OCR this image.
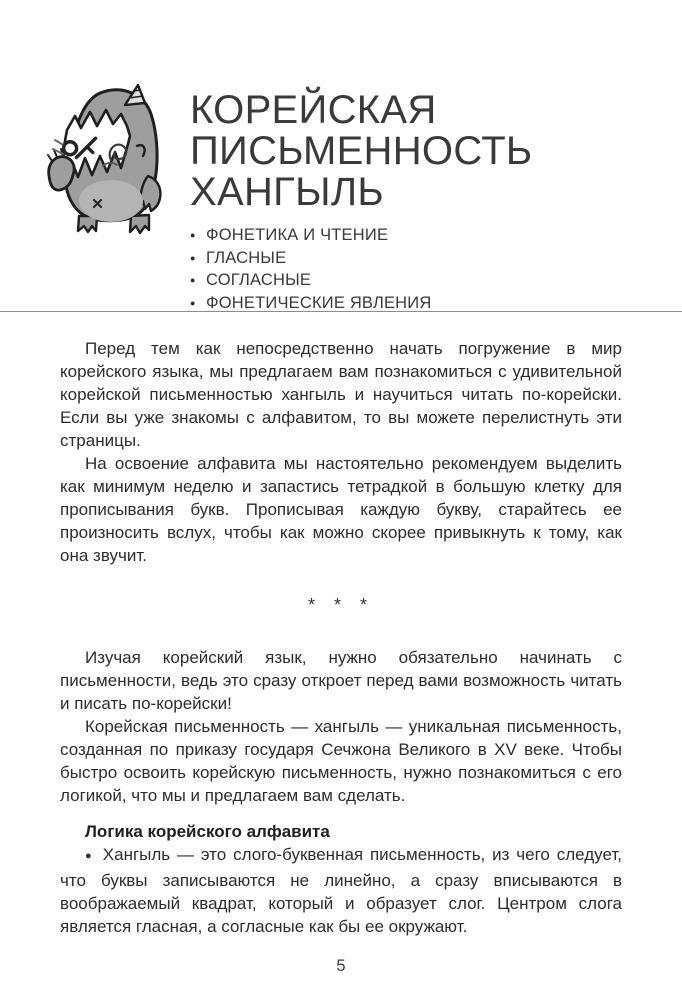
КОРЕЙСКАЯ
ПИСЬМЕННОСТЬ
ХАНГЫЛЬ
● ФОНЕТИКА И ЧТЕНИЕ
● ГЛАСНЫЕ
● СОГЛАСНЫЕ
● ФОНЕТИЧЕСКИЕ ЯВЛЕНИЯ

Перед тем как непосредственно начать погружение в мир корейского языка, мы предлагаем вам познакомиться с удивительной корейской письменностью хангыль и научиться читать по-корейски. Если вы уже знакомы с алфавитом, то вы можете перелистнуть эти страницы.

На освоение алфавита мы настоятельно рекомендуем выделить как минимум неделю и запастись тетрадкой в большую клетку для прописывания букв. Прописывая каждую букву, старайтесь ее произносить вслух, чтобы как можно скорее привыкнуть к тому, как она звучит.

* * *

Изучая корейский язык, нужно обязательно начинать с письменности, ведь это сразу откроет перед вами возможность читать и писать по-корейски!

Корейская письменность — хангыль — уникальная письменность, созданная по приказу государя Сечжона Великого в XV веке. Чтобы быстро освоить корейскую письменность, нужно познакомиться с его логикой, что мы и предлагаем вам сделать.

Логика корейского алфавита

● Хангыль — это слого-буквенная письменность, из чего следует, что буквы записываются не линейно, а сразу вписываются в воображаемый квадрат, который и образует слог. Центром слога является гласная, а согласные как бы ее окружают.

5
